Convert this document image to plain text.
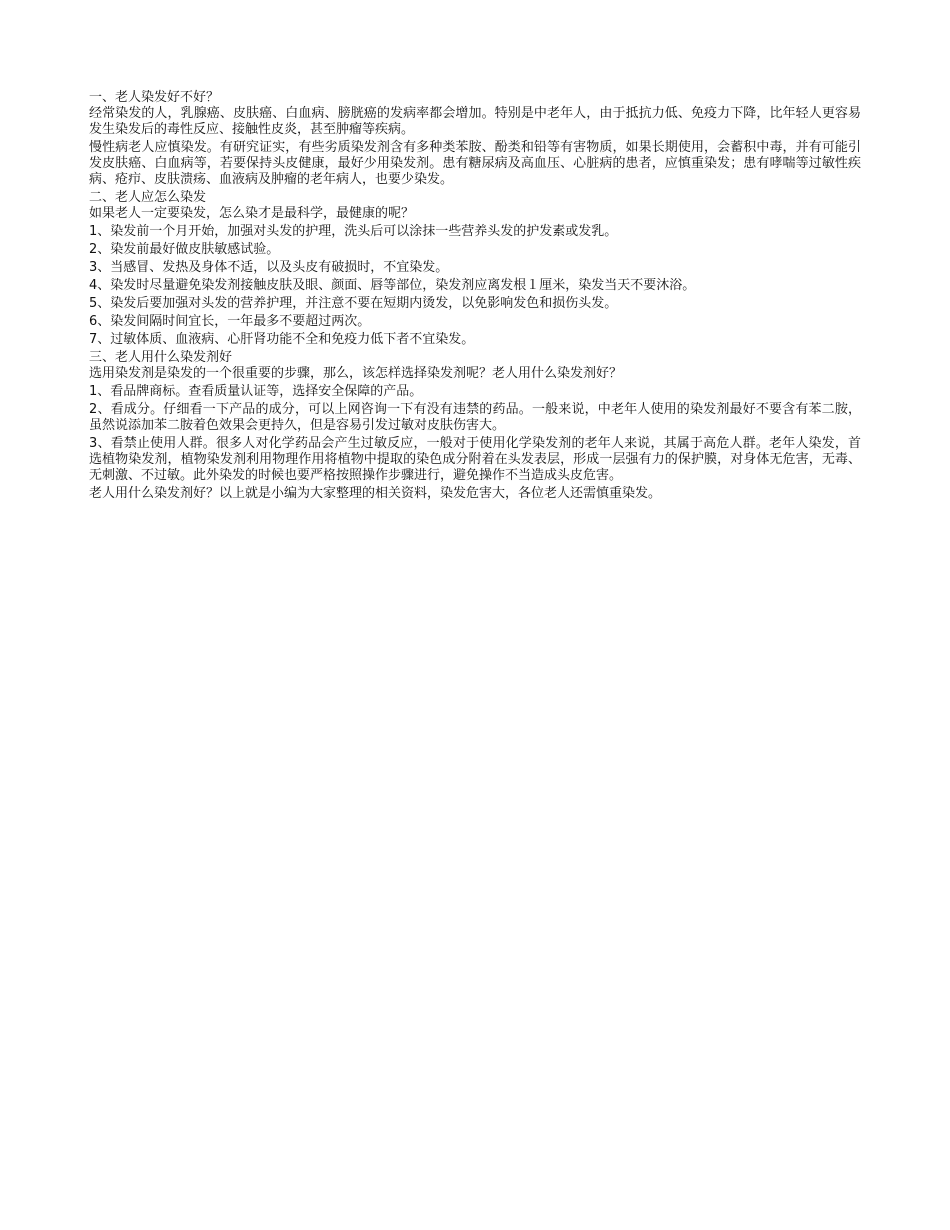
一、老人染发好不好？
经常染发的人，乳腺癌、皮肤癌、白血病、膀胱癌的发病率都会增加。特别是中老年人，由于抵抗力低、免疫力下降，比年轻人更容易发生染发后的毒性反应、接触性皮炎，甚至肿瘤等疾病。
慢性病老人应慎染发。有研究证实，有些劣质染发剂含有多种类苯胺、酚类和铅等有害物质，如果长期使用，会蓄积中毒，并有可能引发皮肤癌、白血病等，若要保持头皮健康，最好少用染发剂。患有糖尿病及高血压、心脏病的患者，应慎重染发；患有哮喘等过敏性疾病、疮疖、皮肤溃疡、血液病及肿瘤的老年病人，也要少染发。
二、老人应怎么染发
如果老人一定要染发，怎么染才是最科学，最健康的呢？
1、染发前一个月开始，加强对头发的护理，洗头后可以涂抹一些营养头发的护发素或发乳。
2、染发前最好做皮肤敏感试验。
3、当感冒、发热及身体不适，以及头皮有破损时，不宜染发。
4、染发时尽量避免染发剂接触皮肤及眼、颜面、唇等部位，染发剂应离发根１厘米，染发当天不要沐浴。
5、染发后要加强对头发的营养护理，并注意不要在短期内烫发，以免影响发色和损伤头发。
6、染发间隔时间宜长，一年最多不要超过两次。
7、过敏体质、血液病、心肝肾功能不全和免疫力低下者不宜染发。
三、老人用什么染发剂好
选用染发剂是染发的一个很重要的步骤，那么，该怎样选择染发剂呢？老人用什么染发剂好？
1、看品牌商标。查看质量认证等，选择安全保障的产品。
2、看成分。仔细看一下产品的成分，可以上网咨询一下有没有违禁的药品。一般来说，中老年人使用的染发剂最好不要含有苯二胺，虽然说添加苯二胺着色效果会更持久，但是容易引发过敏对皮肤伤害大。
3、看禁止使用人群。很多人对化学药品会产生过敏反应，一般对于使用化学染发剂的老年人来说，其属于高危人群。老年人染发，首选植物染发剂，植物染发剂利用物理作用将植物中提取的染色成分附着在头发表层，形成一层强有力的保护膜，对身体无危害，无毒、无刺激、不过敏。此外染发的时候也要严格按照操作步骤进行，避免操作不当造成头皮危害。
老人用什么染发剂好？以上就是小编为大家整理的相关资料，染发危害大，各位老人还需慎重染发。
